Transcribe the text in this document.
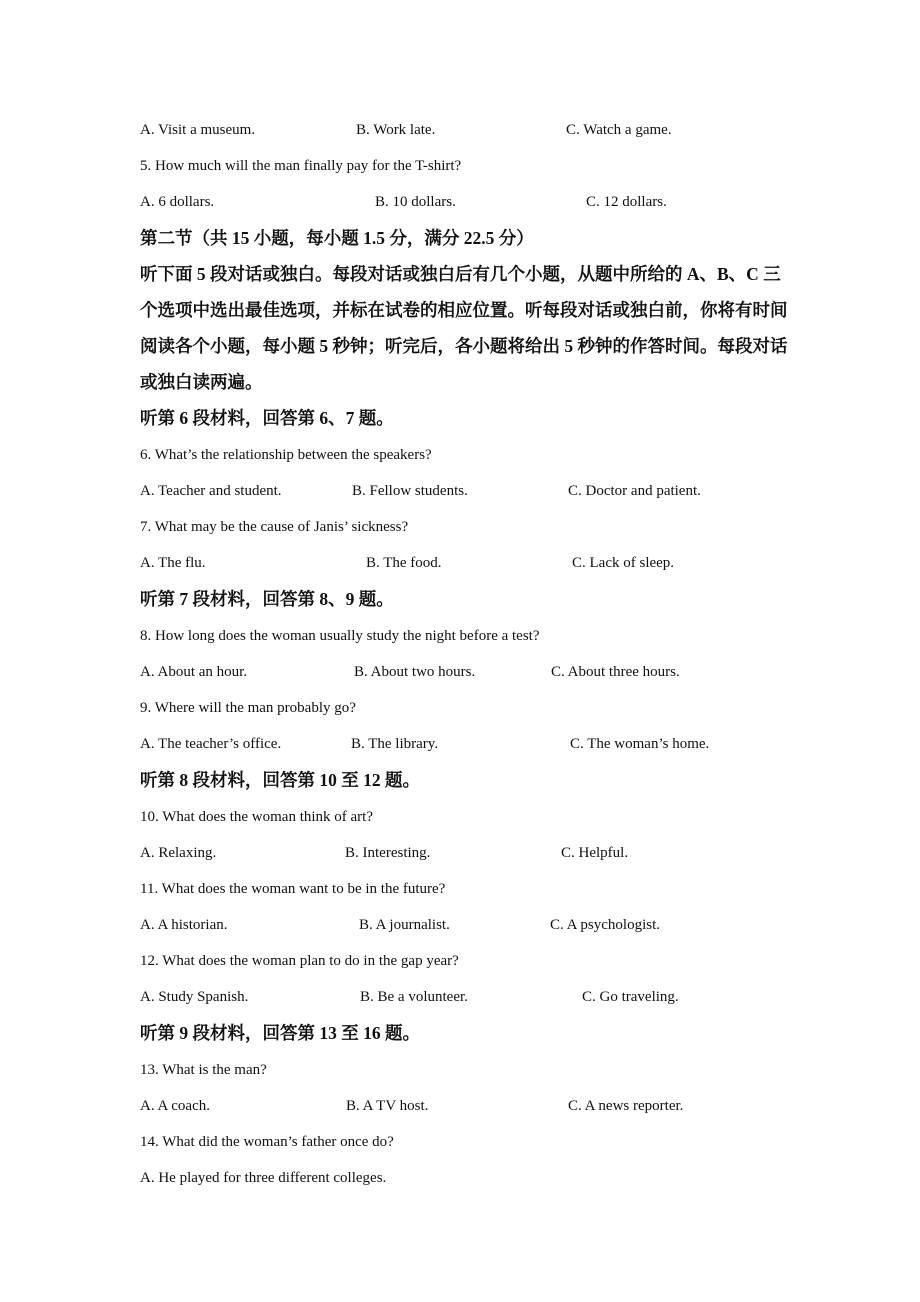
A. Visit a museum.	B. Work late.	C. Watch a game.
5. How much will the man finally pay for the T-shirt?
A. 6 dollars.	B. 10 dollars.	C. 12 dollars.
第二节（共 15 小题，每小题 1.5 分，满分 22.5 分）
听下面 5 段对话或独白。每段对话或独白后有几个小题，从题中所给的 A、B、C 三个选项中选出最佳选项，并标在试卷的相应位置。听每段对话或独白前，你将有时间阅读各个小题，每小题 5 秒钟；听完后，各小题将给出 5 秒钟的作答时间。每段对话或独白读两遍。
听第 6 段材料，回答第 6、7 题。
6. What’s the relationship between the speakers?
A. Teacher and student.	B. Fellow students.	C. Doctor and patient.
7. What may be the cause of Janis’ sickness?
A. The flu.	B. The food.	C. Lack of sleep.
听第 7 段材料，回答第 8、9 题。
8. How long does the woman usually study the night before a test?
A. About an hour.	B. About two hours.	C. About three hours.
9. Where will the man probably go?
A. The teacher’s office.	B. The library.	C. The woman’s home.
听第 8 段材料，回答第 10 至 12 题。
10. What does the woman think of art?
A. Relaxing.	B. Interesting.	C. Helpful.
11. What does the woman want to be in the future?
A. A historian.	B. A journalist.	C. A psychologist.
12. What does the woman plan to do in the gap year?
A. Study Spanish.	B. Be a volunteer.	C. Go traveling.
听第 9 段材料，回答第 13 至 16 题。
13. What is the man?
A. A coach.	B. A TV host.	C. A news reporter.
14. What did the woman’s father once do?
A. He played for three different colleges.
